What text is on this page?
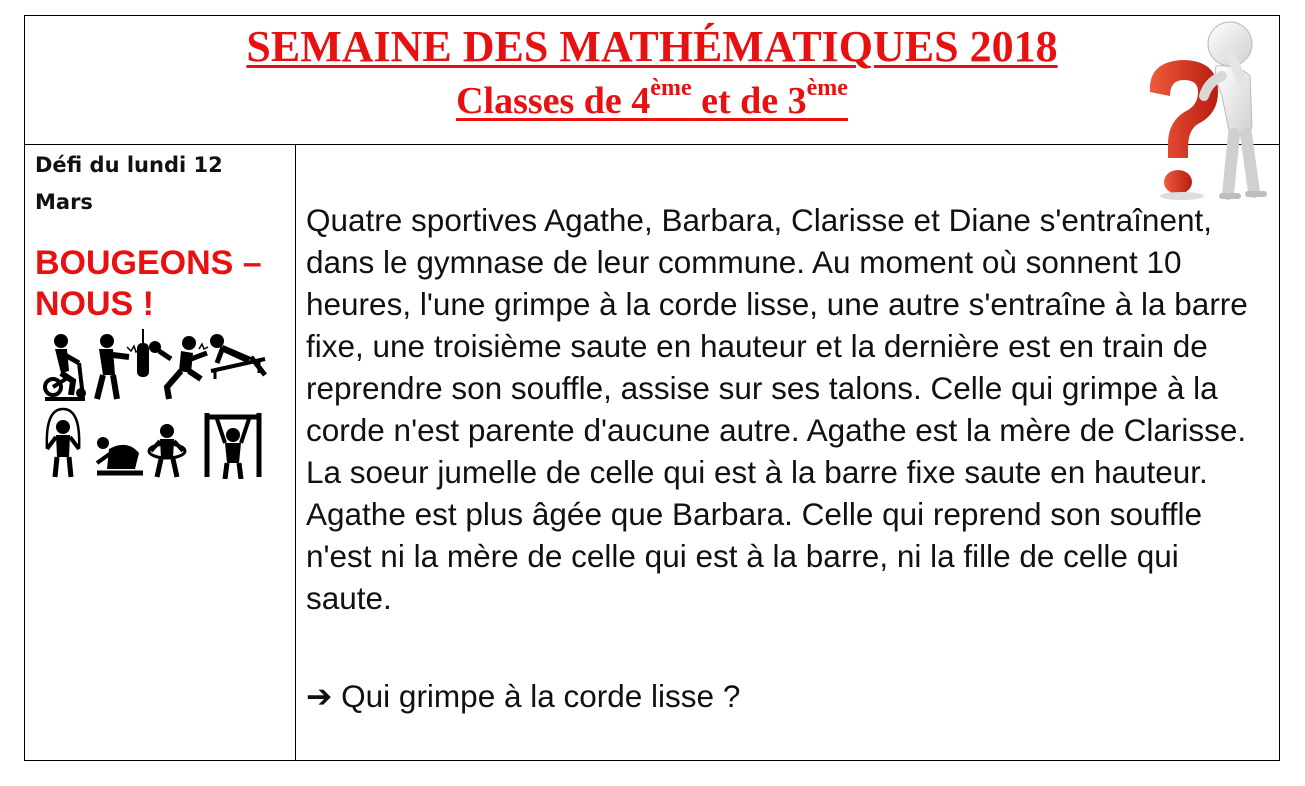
SEMAINE DES MATHÉMATIQUES 2018
Classes de 4ème et de 3ème
Défi du lundi 12 Mars
BOUGEONS – NOUS !

Quatre sportives Agathe, Barbara, Clarisse et Diane s'entraînent, dans le gymnase de leur commune. Au moment où sonnent 10 heures, l'une grimpe à la corde lisse, une autre s'entraîne à la barre fixe, une troisième saute en hauteur et la dernière est en train de reprendre son souffle, assise sur ses talons. Celle qui grimpe à la corde n'est parente d'aucune autre. Agathe est la mère de Clarisse. La soeur jumelle de celle qui est à la barre fixe saute en hauteur. Agathe est plus âgée que Barbara. Celle qui reprend son souffle n'est ni la mère de celle qui est à la barre, ni la fille de celle qui saute.

➔ Qui grimpe à la corde lisse ?
